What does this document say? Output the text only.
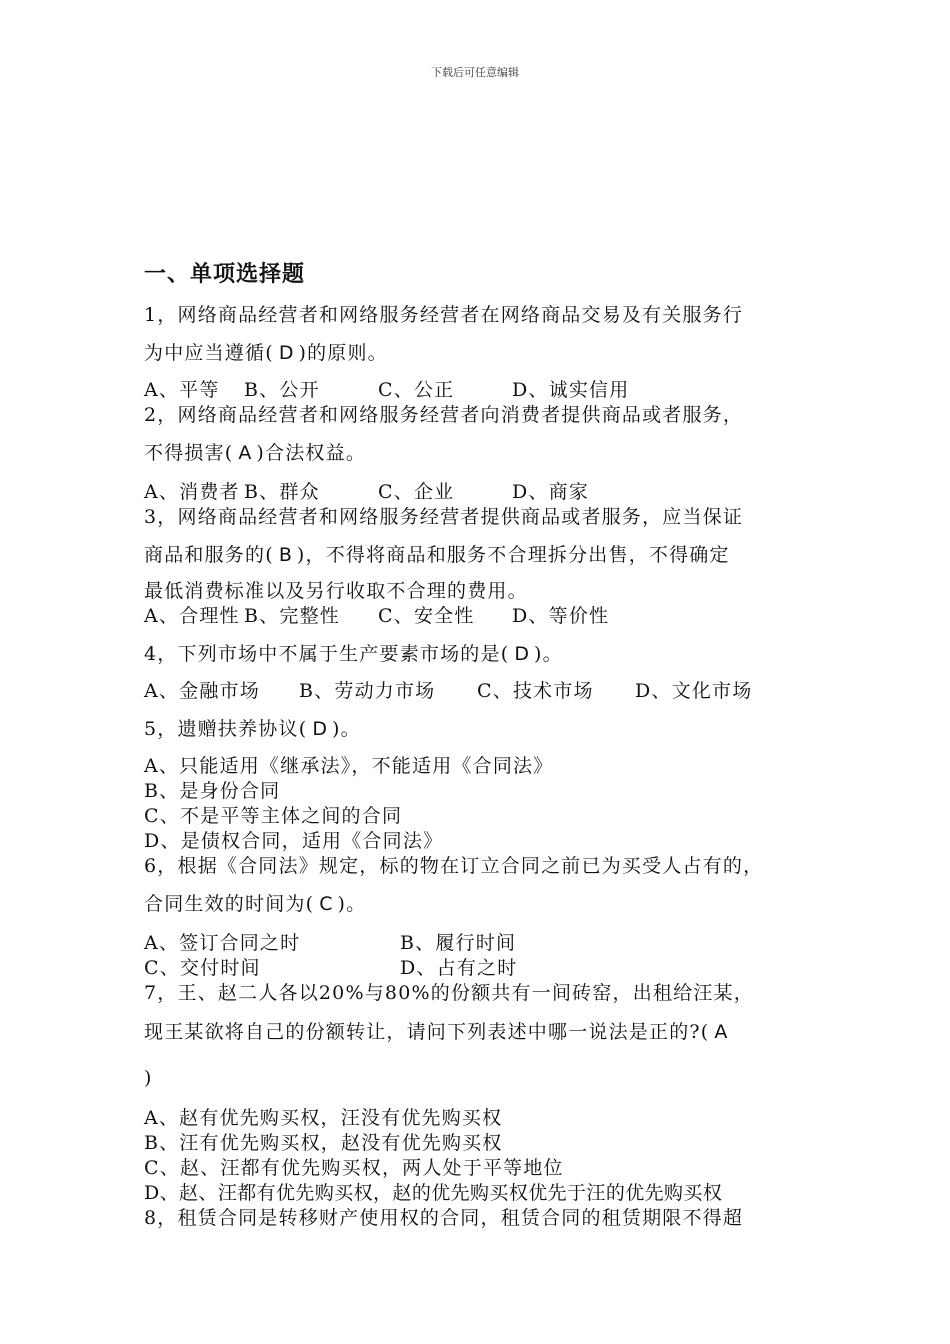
下载后可任意编辑
一、单项选择题

1，网络商品经营者和网络服务经营者在网络商品交易及有关服务行

为中应当遵循( D )的原则。

A、平等	B、公开	C、公正	D、诚实信用

2，网络商品经营者和网络服务经营者向消费者提供商品或者服务，

不得损害( A )合法权益。

A、消费者 B、群众	C、企业	D、商家

3，网络商品经营者和网络服务经营者提供商品或者服务，应当保证

商品和服务的( B )，不得将商品和服务不合理拆分出售，不得确定

最低消费标准以及另行收取不合理的费用。

A、合理性 B、完整性	C、安全性	D、等价性

4，下列市场中不属于生产要素市场的是( D )。

A、金融市场	B、劳动力市场	C、技术市场	D、文化市场

5，遗赠扶养协议( D )。

A、只能适用《继承法》，不能适用《合同法》
B、是身份合同
C、不是平等主体之间的合同
D、是债权合同，适用《合同法》

6，根据《合同法》规定，标的物在订立合同之前已为买受人占有的，

合同生效的时间为( C )。

A、签订合同之时	B、履行时间
C、交付时间	D、占有之时

7，王、赵二人各以20%与80%的份额共有一间砖窑，出租给汪某，

现王某欲将自己的份额转让，请问下列表述中哪一说法是正的?( A

)

A、赵有优先购买权，汪没有优先购买权
B、汪有优先购买权，赵没有优先购买权
C、赵、汪都有优先购买权，两人处于平等地位
D、赵、汪都有优先购买权，赵的优先购买权优先于汪的优先购买权

8，租赁合同是转移财产使用权的合同，租赁合同的租赁期限不得超
